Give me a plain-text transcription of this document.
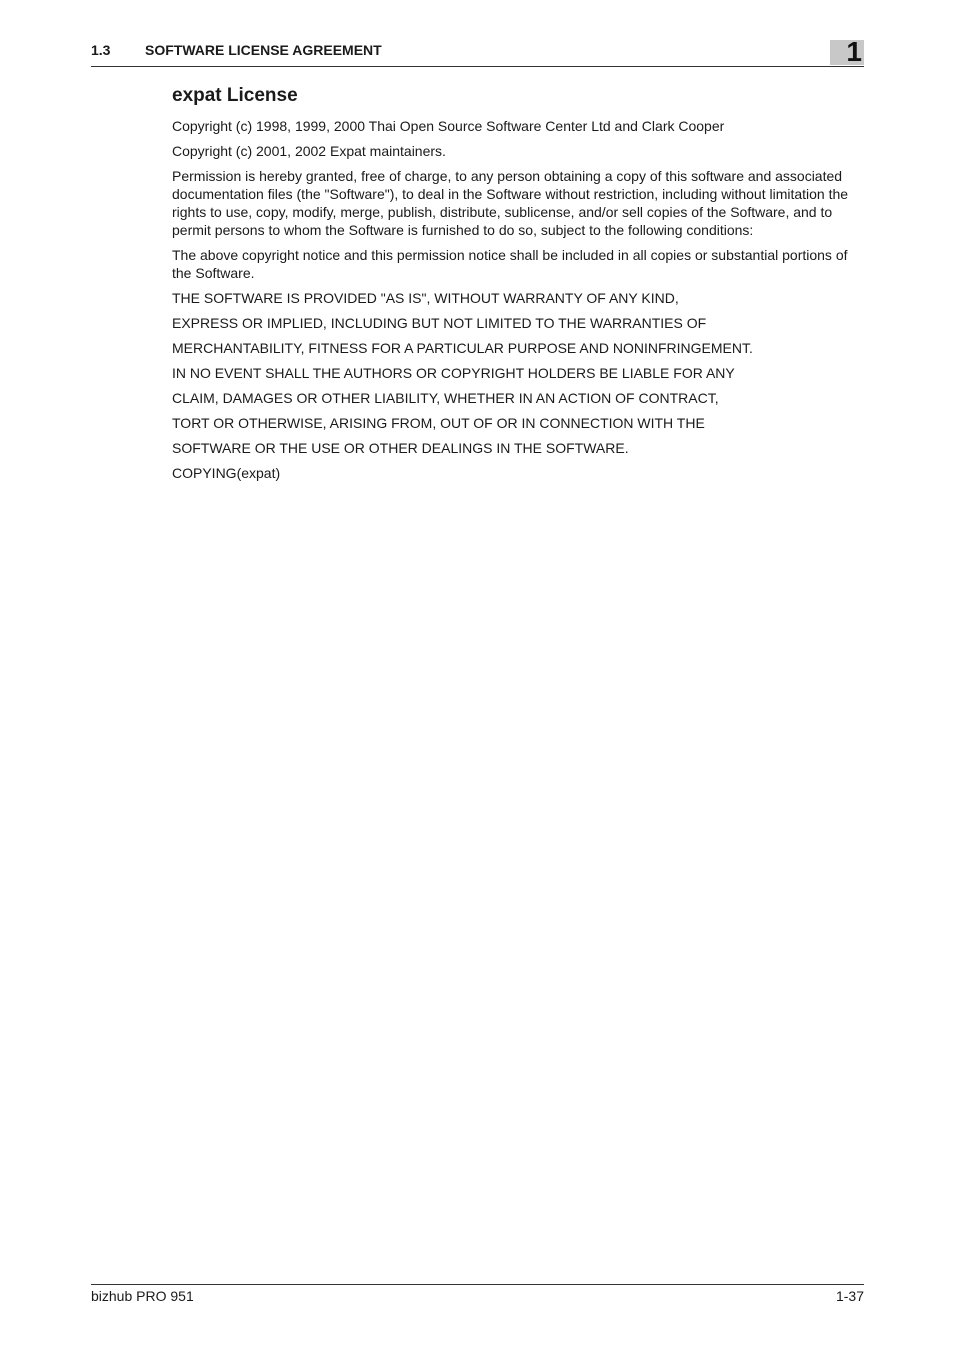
1.3 SOFTWARE LICENSE AGREEMENT	1
expat License

Copyright (c) 1998, 1999, 2000 Thai Open Source Software Center Ltd and Clark Cooper

Copyright (c) 2001, 2002 Expat maintainers.

Permission is hereby granted, free of charge, to any person obtaining a copy of this software and associated documentation files (the "Software"), to deal in the Software without restriction, including without limitation the rights to use, copy, modify, merge, publish, distribute, sublicense, and/or sell copies of the Software, and to permit persons to whom the Software is furnished to do so, subject to the following conditions:

The above copyright notice and this permission notice shall be included in all copies or substantial portions of the Software.

THE SOFTWARE IS PROVIDED "AS IS", WITHOUT WARRANTY OF ANY KIND,

EXPRESS OR IMPLIED, INCLUDING BUT NOT LIMITED TO THE WARRANTIES OF

MERCHANTABILITY, FITNESS FOR A PARTICULAR PURPOSE AND NONINFRINGEMENT.

IN NO EVENT SHALL THE AUTHORS OR COPYRIGHT HOLDERS BE LIABLE FOR ANY

CLAIM, DAMAGES OR OTHER LIABILITY, WHETHER IN AN ACTION OF CONTRACT,

TORT OR OTHERWISE, ARISING FROM, OUT OF OR IN CONNECTION WITH THE

SOFTWARE OR THE USE OR OTHER DEALINGS IN THE SOFTWARE.

COPYING(expat)

bizhub PRO 951	1-37
